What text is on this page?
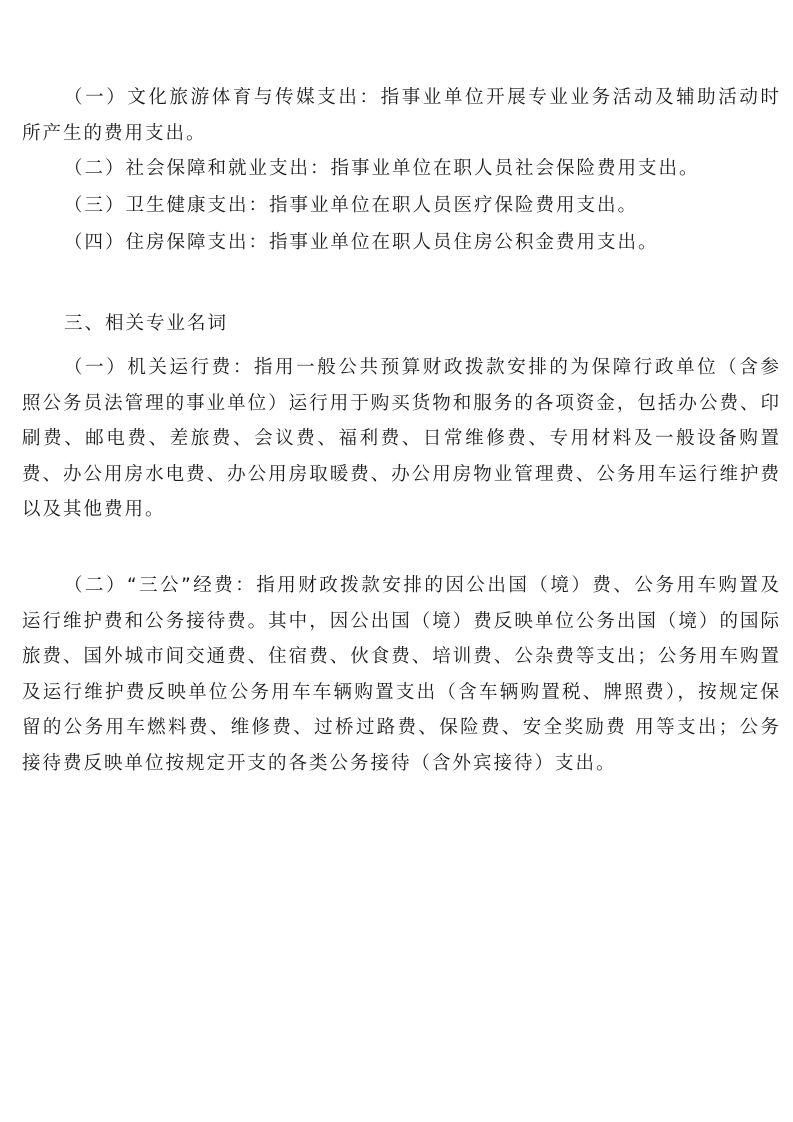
（一）文化旅游体育与传媒支出：指事业单位开展专业业务活动及辅助活动时所产生的费用支出。

（二）社会保障和就业支出：指事业单位在职人员社会保险费用支出。

（三）卫生健康支出：指事业单位在职人员医疗保险费用支出。

（四）住房保障支出：指事业单位在职人员住房公积金费用支出。

三、相关专业名词

（一）机关运行费：指用一般公共预算财政拨款安排的为保障行政单位（含参照公务员法管理的事业单位）运行用于购买货物和服务的各项资金，包括办公费、印刷费、邮电费、差旅费、会议费、福利费、日常维修费、专用材料及一般设备购置费、办公用房水电费、办公用房取暖费、办公用房物业管理费、公务用车运行维护费以及其他费用。

（二）“三公”经费：指用财政拨款安排的因公出国（境）费、公务用车购置及运行维护费和公务接待费。其中，因公出国（境）费反映单位公务出国（境）的国际旅费、国外城市间交通费、住宿费、伙食费、培训费、公杂费等支出；公务用车购置及运行维护费反映单位公务用车车辆购置支出（含车辆购置税、牌照费），按规定保留的公务用车燃料费、维修费、过桥过路费、保险费、安全奖励费 用等支出；公务接待费反映单位按规定开支的各类公务接待（含外宾接待）支出。
